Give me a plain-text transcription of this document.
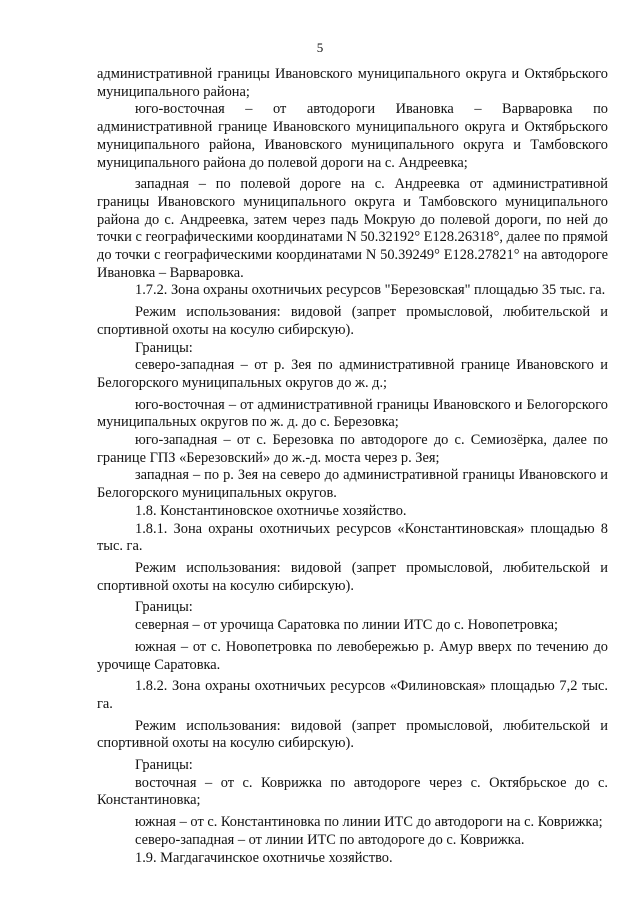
5

административной границы Ивановского муниципального округа и Октябрьского муниципального района;

юго-восточная – от автодороги Ивановка – Варваровка по административной границе Ивановского муниципального округа и Октябрьского муниципального района, Ивановского муниципального округа и Тамбовского муниципального района до полевой дороги на с. Андреевка;

западная – по полевой дороге на с. Андреевка от административной границы Ивановского муниципального округа и Тамбовского муниципального района до с. Андреевка, затем через падь Мокрую до полевой дороги, по ней до точки с географическими координатами N 50.32192° E128.26318°, далее по прямой до точки с географическими координатами N 50.39249° E128.27821° на автодороге Ивановка – Варваровка.

1.7.2. Зона охраны охотничьих ресурсов "Березовская" площадью 35 тыс. га.

Режим использования: видовой (запрет промысловой, любительской и спортивной охоты на косулю сибирскую).

Границы:

северо-западная – от р. Зея по административной границе Ивановского и Белогорского муниципальных округов до ж. д.;

юго-восточная – от административной границы Ивановского и Белогорского муниципальных округов по ж. д. до с. Березовка;

юго-западная – от с. Березовка по автодороге до с. Семиозёрка, далее по границе ГПЗ «Березовский» до ж.-д. моста через р. Зея;

западная – по р. Зея на северо до административной границы Ивановского и Белогорского муниципальных округов.

1.8. Константиновское охотничье хозяйство.

1.8.1. Зона охраны охотничьих ресурсов «Константиновская» площадью 8 тыс. га.

Режим использования: видовой (запрет промысловой, любительской и спортивной охоты на косулю сибирскую).

Границы:

северная – от урочища Саратовка по линии ИТС до с. Новопетровка;

южная – от с. Новопетровка по левобережью р. Амур вверх по течению до урочище Саратовка.

1.8.2. Зона охраны охотничьих ресурсов «Филиновская» площадью 7,2 тыс. га.

Режим использования: видовой (запрет промысловой, любительской и спортивной охоты на косулю сибирскую).

Границы:

восточная – от с. Коврижка по автодороге через с. Октябрьское до с. Константиновка;

южная – от с. Константиновка по линии ИТС до автодороги на с. Коврижка;

северо-западная – от линии ИТС по автодороге до с. Коврижка.

1.9. Магдагачинское охотничье хозяйство.
